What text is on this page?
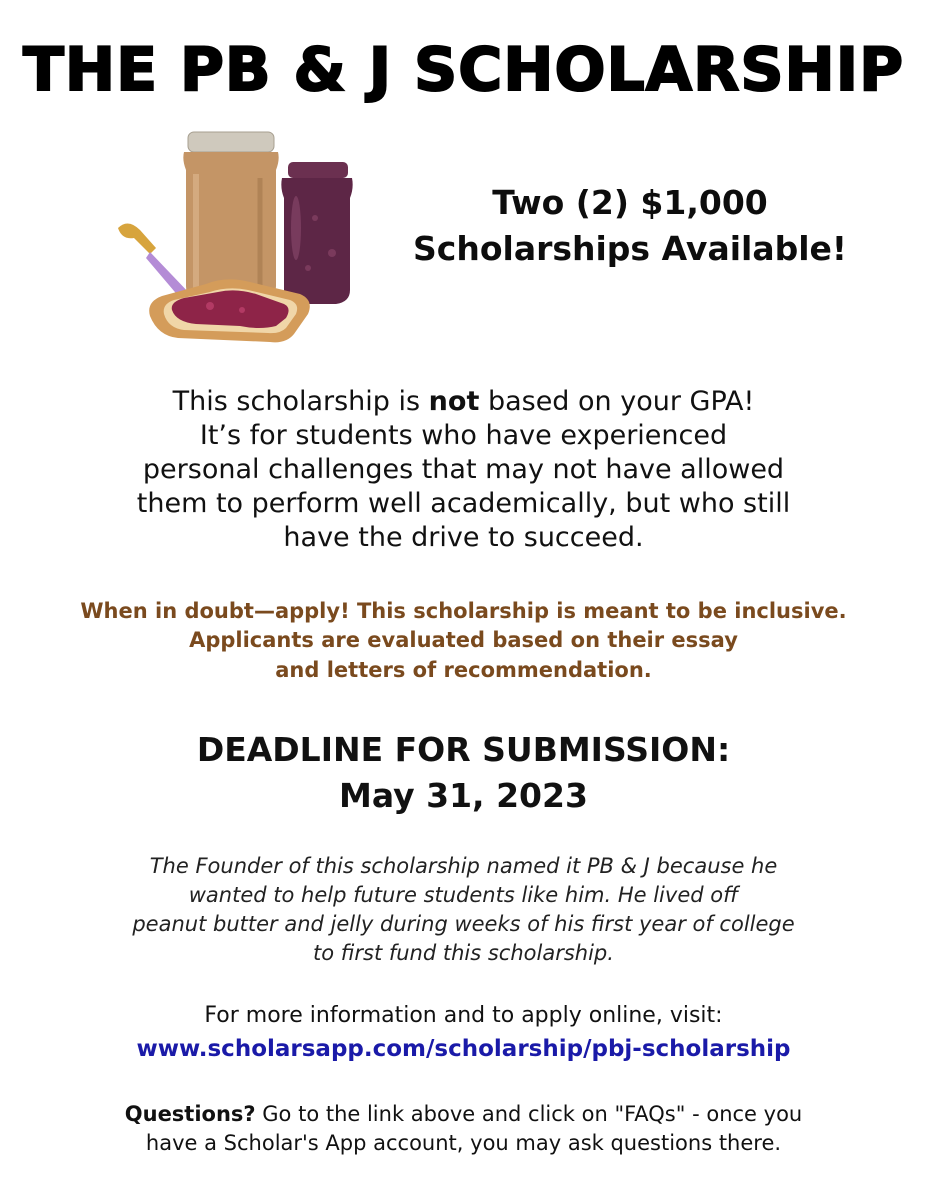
THE PB & J SCHOLARSHIP
Two (2) $1,000
Scholarships Available!
This scholarship is not based on your GPA!
It’s for students who have experienced
personal challenges that may not have allowed
them to perform well academically, but who still
have the drive to succeed.
When in doubt—apply! This scholarship is meant to be inclusive.
Applicants are evaluated based on their essay
and letters of recommendation.
DEADLINE FOR SUBMISSION:
May 31, 2023
The Founder of this scholarship named it PB & J because he
wanted to help future students like him. He lived off
peanut butter and jelly during weeks of his first year of college
to first fund this scholarship.
For more information and to apply online, visit:
www.scholarsapp.com/scholarship/pbj-scholarship
Questions? Go to the link above and click on "FAQs" - once you
have a Scholar's App account, you may ask questions there.
